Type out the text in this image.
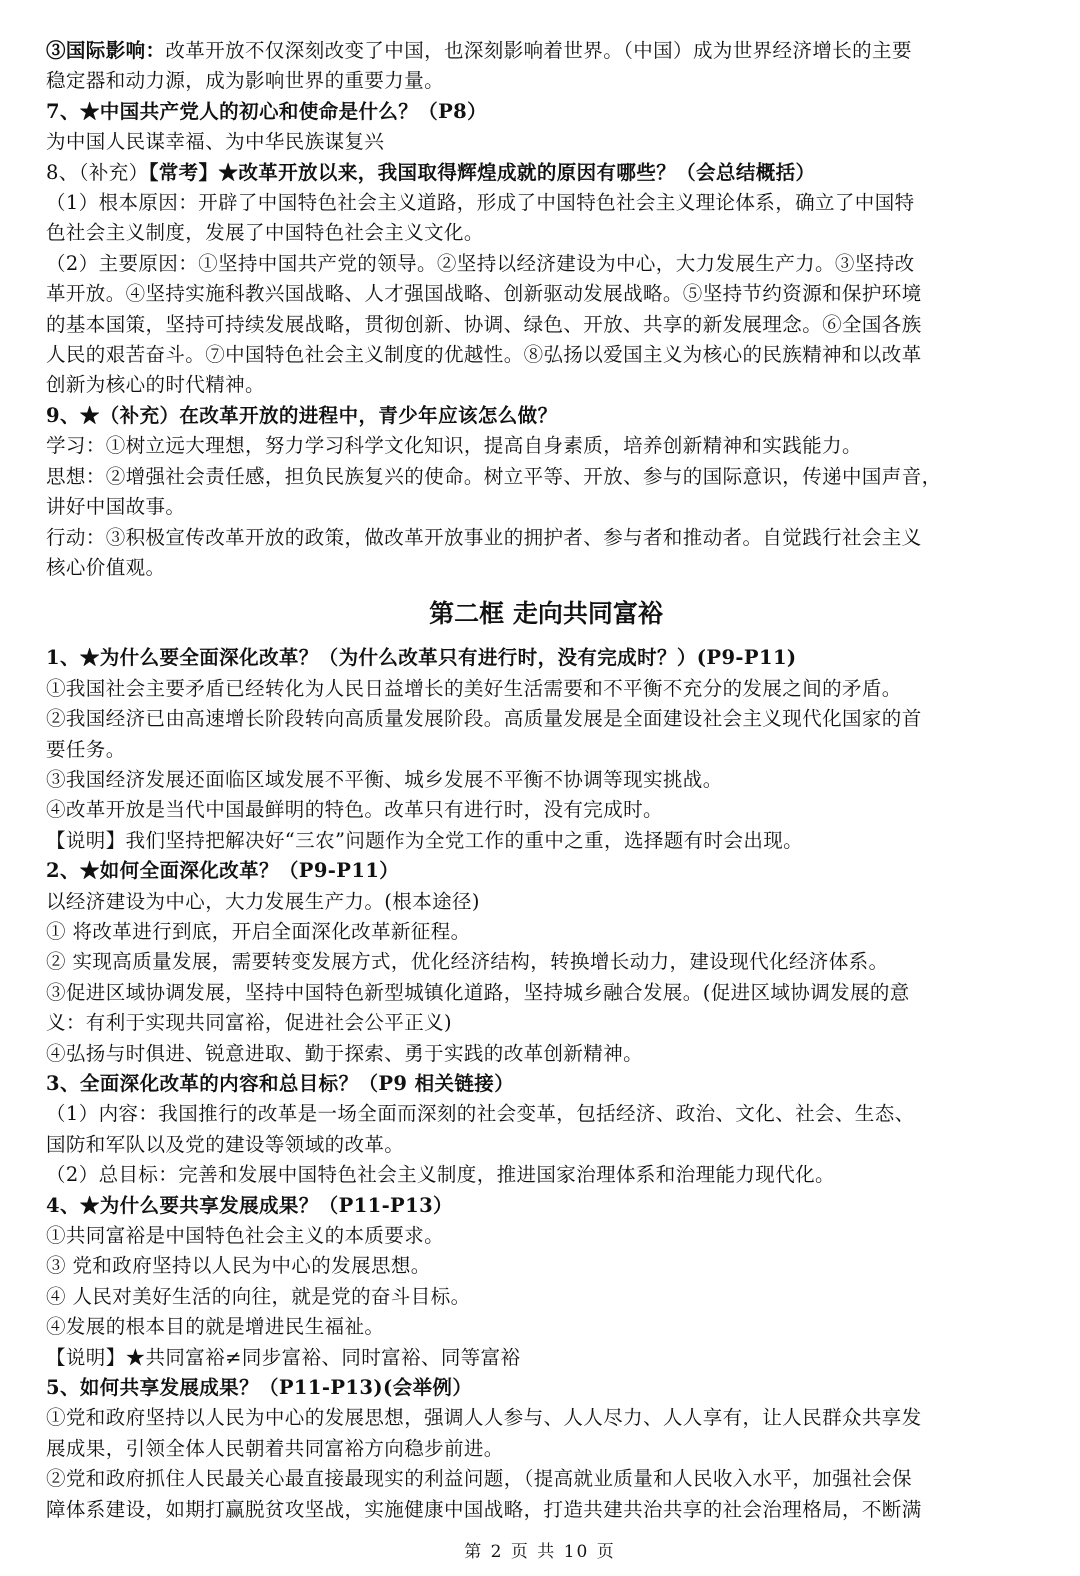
③国际影响：改革开放不仅深刻改变了中国，也深刻影响着世界。（中国）成为世界经济增长的主要
稳定器和动力源，成为影响世界的重要力量。
7、★中国共产党人的初心和使命是什么？（P8）
为中国人民谋幸福、为中华民族谋复兴
8、（补充）【常考】★改革开放以来，我国取得辉煌成就的原因有哪些？（会总结概括）
（1）根本原因：开辟了中国特色社会主义道路，形成了中国特色社会主义理论体系，确立了中国特
色社会主义制度，发展了中国特色社会主义文化。
（2）主要原因：①坚持中国共产党的领导。②坚持以经济建设为中心，大力发展生产力。③坚持改
革开放。④坚持实施科教兴国战略、人才强国战略、创新驱动发展战略。⑤坚持节约资源和保护环境
的基本国策，坚持可持续发展战略，贯彻创新、协调、绿色、开放、共享的新发展理念。⑥全国各族
人民的艰苦奋斗。⑦中国特色社会主义制度的优越性。⑧弘扬以爱国主义为核心的民族精神和以改革
创新为核心的时代精神。
9、★（补充）在改革开放的进程中，青少年应该怎么做？
学习：①树立远大理想，努力学习科学文化知识，提高自身素质，培养创新精神和实践能力。
思想：②增强社会责任感，担负民族复兴的使命。树立平等、开放、参与的国际意识，传递中国声音，
讲好中国故事。
行动：③积极宣传改革开放的政策，做改革开放事业的拥护者、参与者和推动者。自觉践行社会主义
核心价值观。
第二框 走向共同富裕
1、★为什么要全面深化改革？（为什么改革只有进行时，没有完成时？）(P9-P11)
①我国社会主要矛盾已经转化为人民日益增长的美好生活需要和不平衡不充分的发展之间的矛盾。
②我国经济已由高速增长阶段转向高质量发展阶段。高质量发展是全面建设社会主义现代化国家的首
要任务。
③我国经济发展还面临区域发展不平衡、城乡发展不平衡不协调等现实挑战。
④改革开放是当代中国最鲜明的特色。改革只有进行时，没有完成时。
【说明】我们坚持把解决好“三农”问题作为全党工作的重中之重，选择题有时会出现。
2、★如何全面深化改革？（P9-P11）
以经济建设为中心，大力发展生产力。(根本途径)
① 将改革进行到底，开启全面深化改革新征程。
② 实现高质量发展，需要转变发展方式，优化经济结构，转换增长动力，建设现代化经济体系。
③促进区域协调发展，坚持中国特色新型城镇化道路，坚持城乡融合发展。(促进区域协调发展的意
义：有利于实现共同富裕，促进社会公平正义)
④弘扬与时俱进、锐意进取、勤于探索、勇于实践的改革创新精神。
3、全面深化改革的内容和总目标？（P9 相关链接）
（1）内容：我国推行的改革是一场全面而深刻的社会变革，包括经济、政治、文化、社会、生态、
国防和军队以及党的建设等领域的改革。
（2）总目标：完善和发展中国特色社会主义制度，推进国家治理体系和治理能力现代化。
4、★为什么要共享发展成果？（P11-P13）
①共同富裕是中国特色社会主义的本质要求。
③ 党和政府坚持以人民为中心的发展思想。
④ 人民对美好生活的向往，就是党的奋斗目标。
④发展的根本目的就是增进民生福祉。
【说明】★共同富裕≠同步富裕、同时富裕、同等富裕
5、如何共享发展成果？（P11-P13)(会举例）
①党和政府坚持以人民为中心的发展思想，强调人人参与、人人尽力、人人享有，让人民群众共享发
展成果，引领全体人民朝着共同富裕方向稳步前进。
②党和政府抓住人民最关心最直接最现实的利益问题，（提高就业质量和人民收入水平，加强社会保
障体系建设，如期打赢脱贫攻坚战，实施健康中国战略，打造共建共治共享的社会治理格局，不断满
第 2 页 共 10 页
